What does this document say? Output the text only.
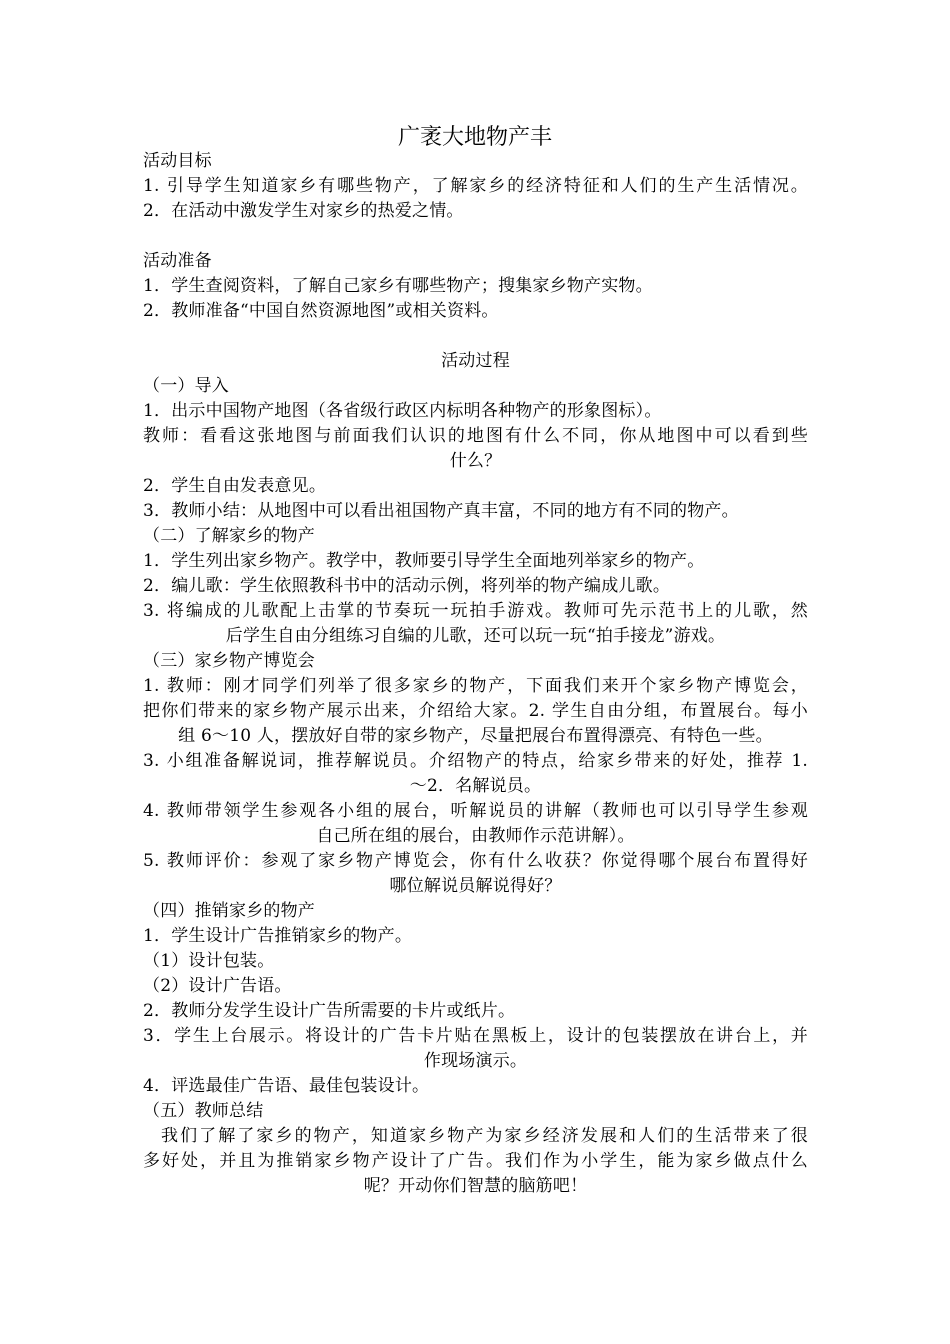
广袤大地物产丰
活动目标
1. 引导学生知道家乡有哪些物产，了解家乡的经济特征和人们的生产生活情况。
2．在活动中激发学生对家乡的热爱之情。
活动准备
1．学生查阅资料，了解自己家乡有哪些物产；搜集家乡物产实物。
2．教师准备“中国自然资源地图”或相关资料。
活动过程
（一）导入
1．出示中国物产地图（各省级行政区内标明各种物产的形象图标）。
教师：看看这张地图与前面我们认识的地图有什么不同，你从地图中可以看到些
什么？
2．学生自由发表意见。
3．教师小结：从地图中可以看出祖国物产真丰富，不同的地方有不同的物产。
（二）了解家乡的物产
1．学生列出家乡物产。教学中，教师要引导学生全面地列举家乡的物产。
2．编儿歌：学生依照教科书中的活动示例，将列举的物产编成儿歌。
3. 将编成的儿歌配上击掌的节奏玩一玩拍手游戏。教师可先示范书上的儿歌，然
后学生自由分组练习自编的儿歌，还可以玩一玩“拍手接龙”游戏。
（三）家乡物产博览会
1. 教师：刚才同学们列举了很多家乡的物产，下面我们来开个家乡物产博览会，
把你们带来的家乡物产展示出来，介绍给大家。2. 学生自由分组，布置展台。每小
组 6～10 人，摆放好自带的家乡物产，尽量把展台布置得漂亮、有特色一些。
3. 小组准备解说词，推荐解说员。介绍物产的特点，给家乡带来的好处，推荐 1.
～2．名解说员。
4. 教师带领学生参观各小组的展台，听解说员的讲解（教师也可以引导学生参观
自己所在组的展台，由教师作示范讲解）。
5. 教师评价：参观了家乡物产博览会，你有什么收获？你觉得哪个展台布置得好
哪位解说员解说得好？
（四）推销家乡的物产
1．学生设计广告推销家乡的物产。
（1）设计包装。
（2）设计广告语。
2．教师分发学生设计广告所需要的卡片或纸片。
3．学生上台展示。将设计的广告卡片贴在黑板上，设计的包装摆放在讲台上，并
作现场演示。
4．评选最佳广告语、最佳包装设计。
（五）教师总结
我们了解了家乡的物产，知道家乡物产为家乡经济发展和人们的生活带来了很
多好处，并且为推销家乡物产设计了广告。我们作为小学生，能为家乡做点什么
呢？开动你们智慧的脑筋吧！
